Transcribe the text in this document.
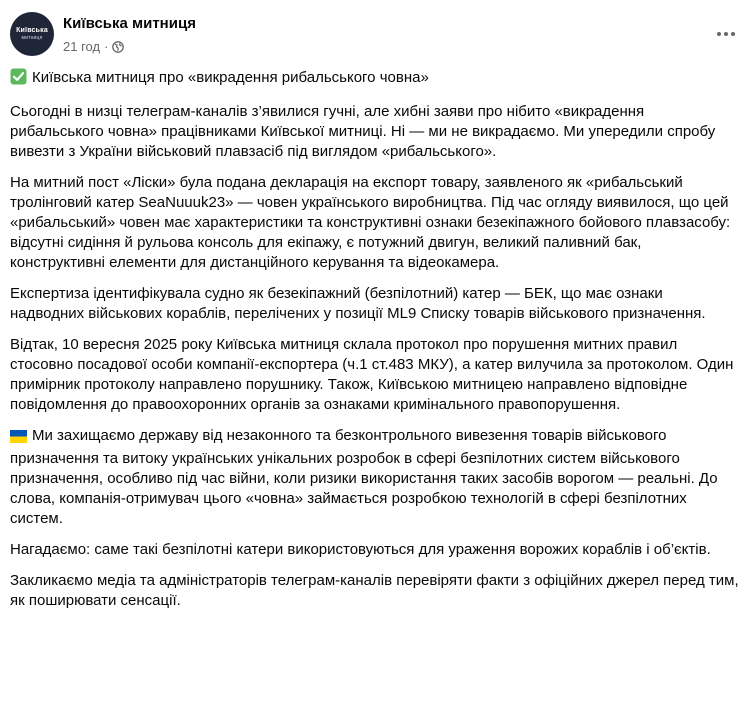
Київська
митниця
Київська митниця
21 год ·

Київська митниця про «викрадення рибальського човна»

Сьогодні в низці телеграм-каналів з’явилися гучні, але хибні заяви про нібито «викрадення рибальського човна» працівниками Київської митниці. Ні — ми не викрадаємо. Ми упередили спробу вивезти з України військовий плавзасіб під виглядом «рибальського».

На митний пост «Ліски» була подана декларація на експорт товару, заявленого як «рибальський тролінговий катер SeaNuuuk23» — човен українського виробництва. Під час огляду виявилося, що цей «рибальський» човен має характеристики та конструктивні ознаки безекіпажного бойового плавзасобу: відсутні сидіння й рульова консоль для екіпажу, є потужний двигун, великий паливний бак, конструктивні елементи для дистанційного керування та відеокамера.

Експертиза ідентифікувала судно як безекіпажний (безпілотний) катер — БЕК, що має ознаки надводних військових кораблів, перелічених у позиції ML9 Списку товарів військового призначення.

Відтак, 10 вересня 2025 року Київська митниця склала протокол про порушення митних правил стосовно посадової особи компанії-експортера (ч.1 ст.483 МКУ), а катер вилучила за протоколом. Один примірник протоколу направлено порушнику. Також, Київською митницею направлено відповідне повідомлення до правоохоронних органів за ознаками кримінального правопорушення.

Ми захищаємо державу від незаконного та безконтрольного вивезення товарів військового призначення та витоку українських унікальних розробок в сфері безпілотних систем військового призначення, особливо під час війни, коли ризики використання таких засобів ворогом — реальні. До слова, компанія-отримувач цього «човна» займається розробкою технологій в сфері безпілотних систем.

Нагадаємо: саме такі безпілотні катери використовуються для ураження ворожих кораблів і об’єктів.

Закликаємо медіа та адміністраторів телеграм-каналів перевіряти факти з офіційних джерел перед тим, як поширювати сенсації.
